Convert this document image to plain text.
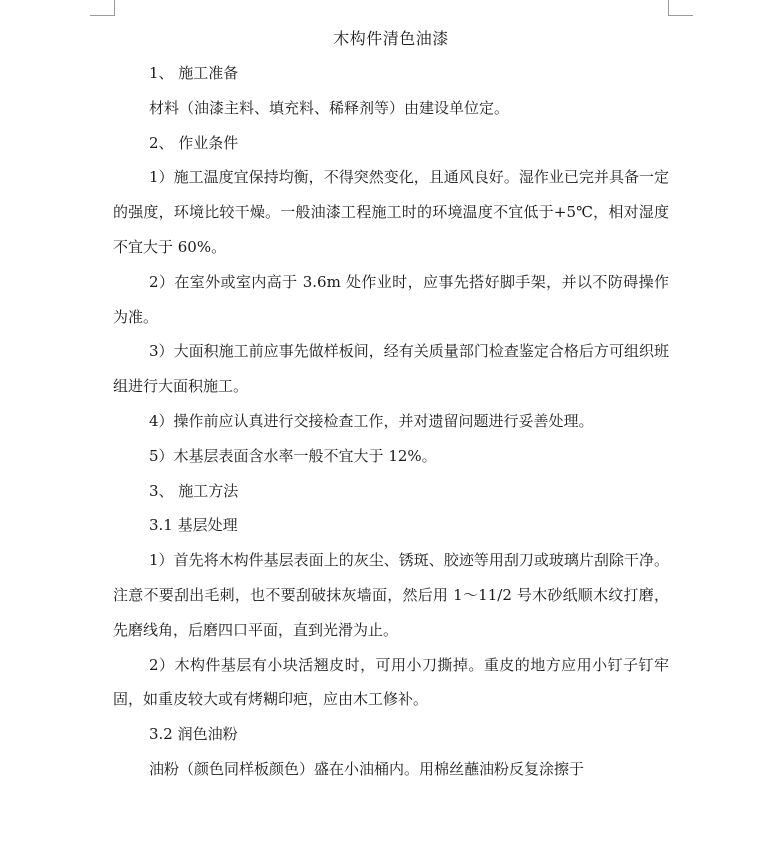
木构件清色油漆

1、 施工准备

材料（油漆主料、填充料、稀释剂等）由建设单位定。

2、 作业条件

1）施工温度宜保持均衡，不得突然变化，且通风良好。湿作业已完并具备一定的强度，环境比较干燥。一般油漆工程施工时的环境温度不宜低于+5℃，相对湿度不宜大于 60%。

2）在室外或室内高于 3.6m 处作业时，应事先搭好脚手架，并以不防碍操作为准。

3）大面积施工前应事先做样板间，经有关质量部门检查鉴定合格后方可组织班组进行大面积施工。

4）操作前应认真进行交接检查工作，并对遗留问题进行妥善处理。

5）木基层表面含水率一般不宜大于 12%。

3、 施工方法

3.1 基层处理

1）首先将木构件基层表面上的灰尘、锈斑、胶迹等用刮刀或玻璃片刮除干净。注意不要刮出毛刺，也不要刮破抹灰墙面，然后用 1～11/2 号木砂纸顺木纹打磨，先磨线角，后磨四口平面，直到光滑为止。

2）木构件基层有小块活翘皮时，可用小刀撕掉。重皮的地方应用小钉子钉牢固，如重皮较大或有烤糊印疤，应由木工修补。

3.2 润色油粉

油粉（颜色同样板颜色）盛在小油桶内。用棉丝蘸油粉反复涂擦于
